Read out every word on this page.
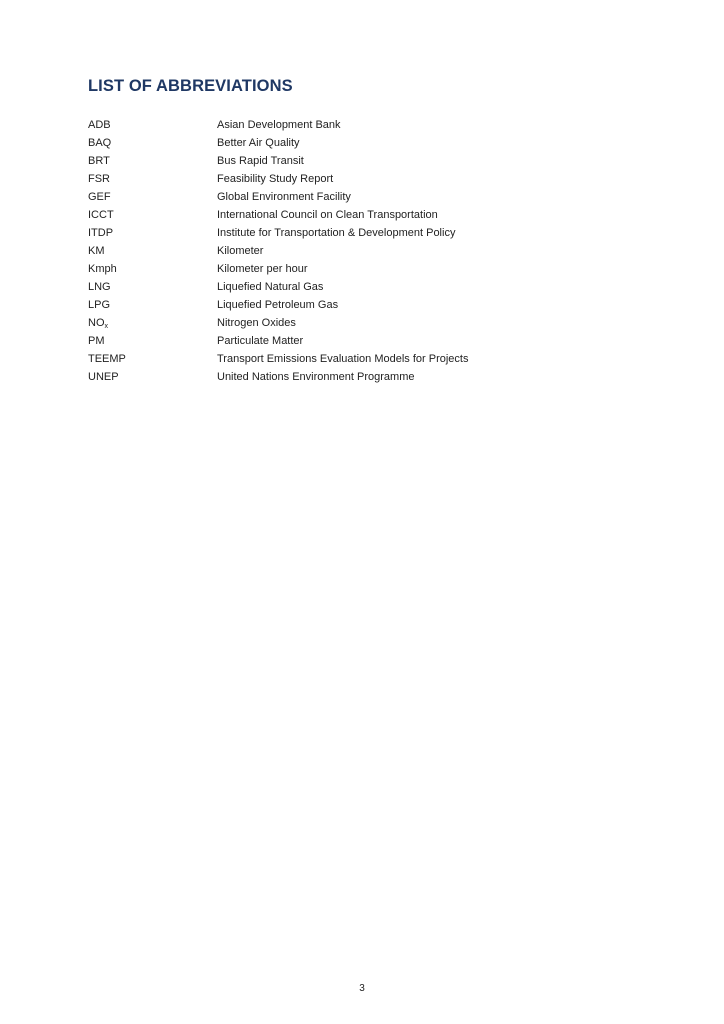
LIST OF ABBREVIATIONS
ADB	Asian Development Bank
BAQ	Better Air Quality
BRT	Bus Rapid Transit
FSR	Feasibility Study Report
GEF	Global Environment Facility
ICCT	International Council on Clean Transportation
ITDP	Institute for Transportation & Development Policy
KM	Kilometer
Kmph	Kilometer per hour
LNG	Liquefied Natural Gas
LPG	Liquefied Petroleum Gas
$NO_x$	Nitrogen Oxides
PM	Particulate Matter
TEEMP	Transport Emissions Evaluation Models for Projects
UNEP	United Nations Environment Programme
3
